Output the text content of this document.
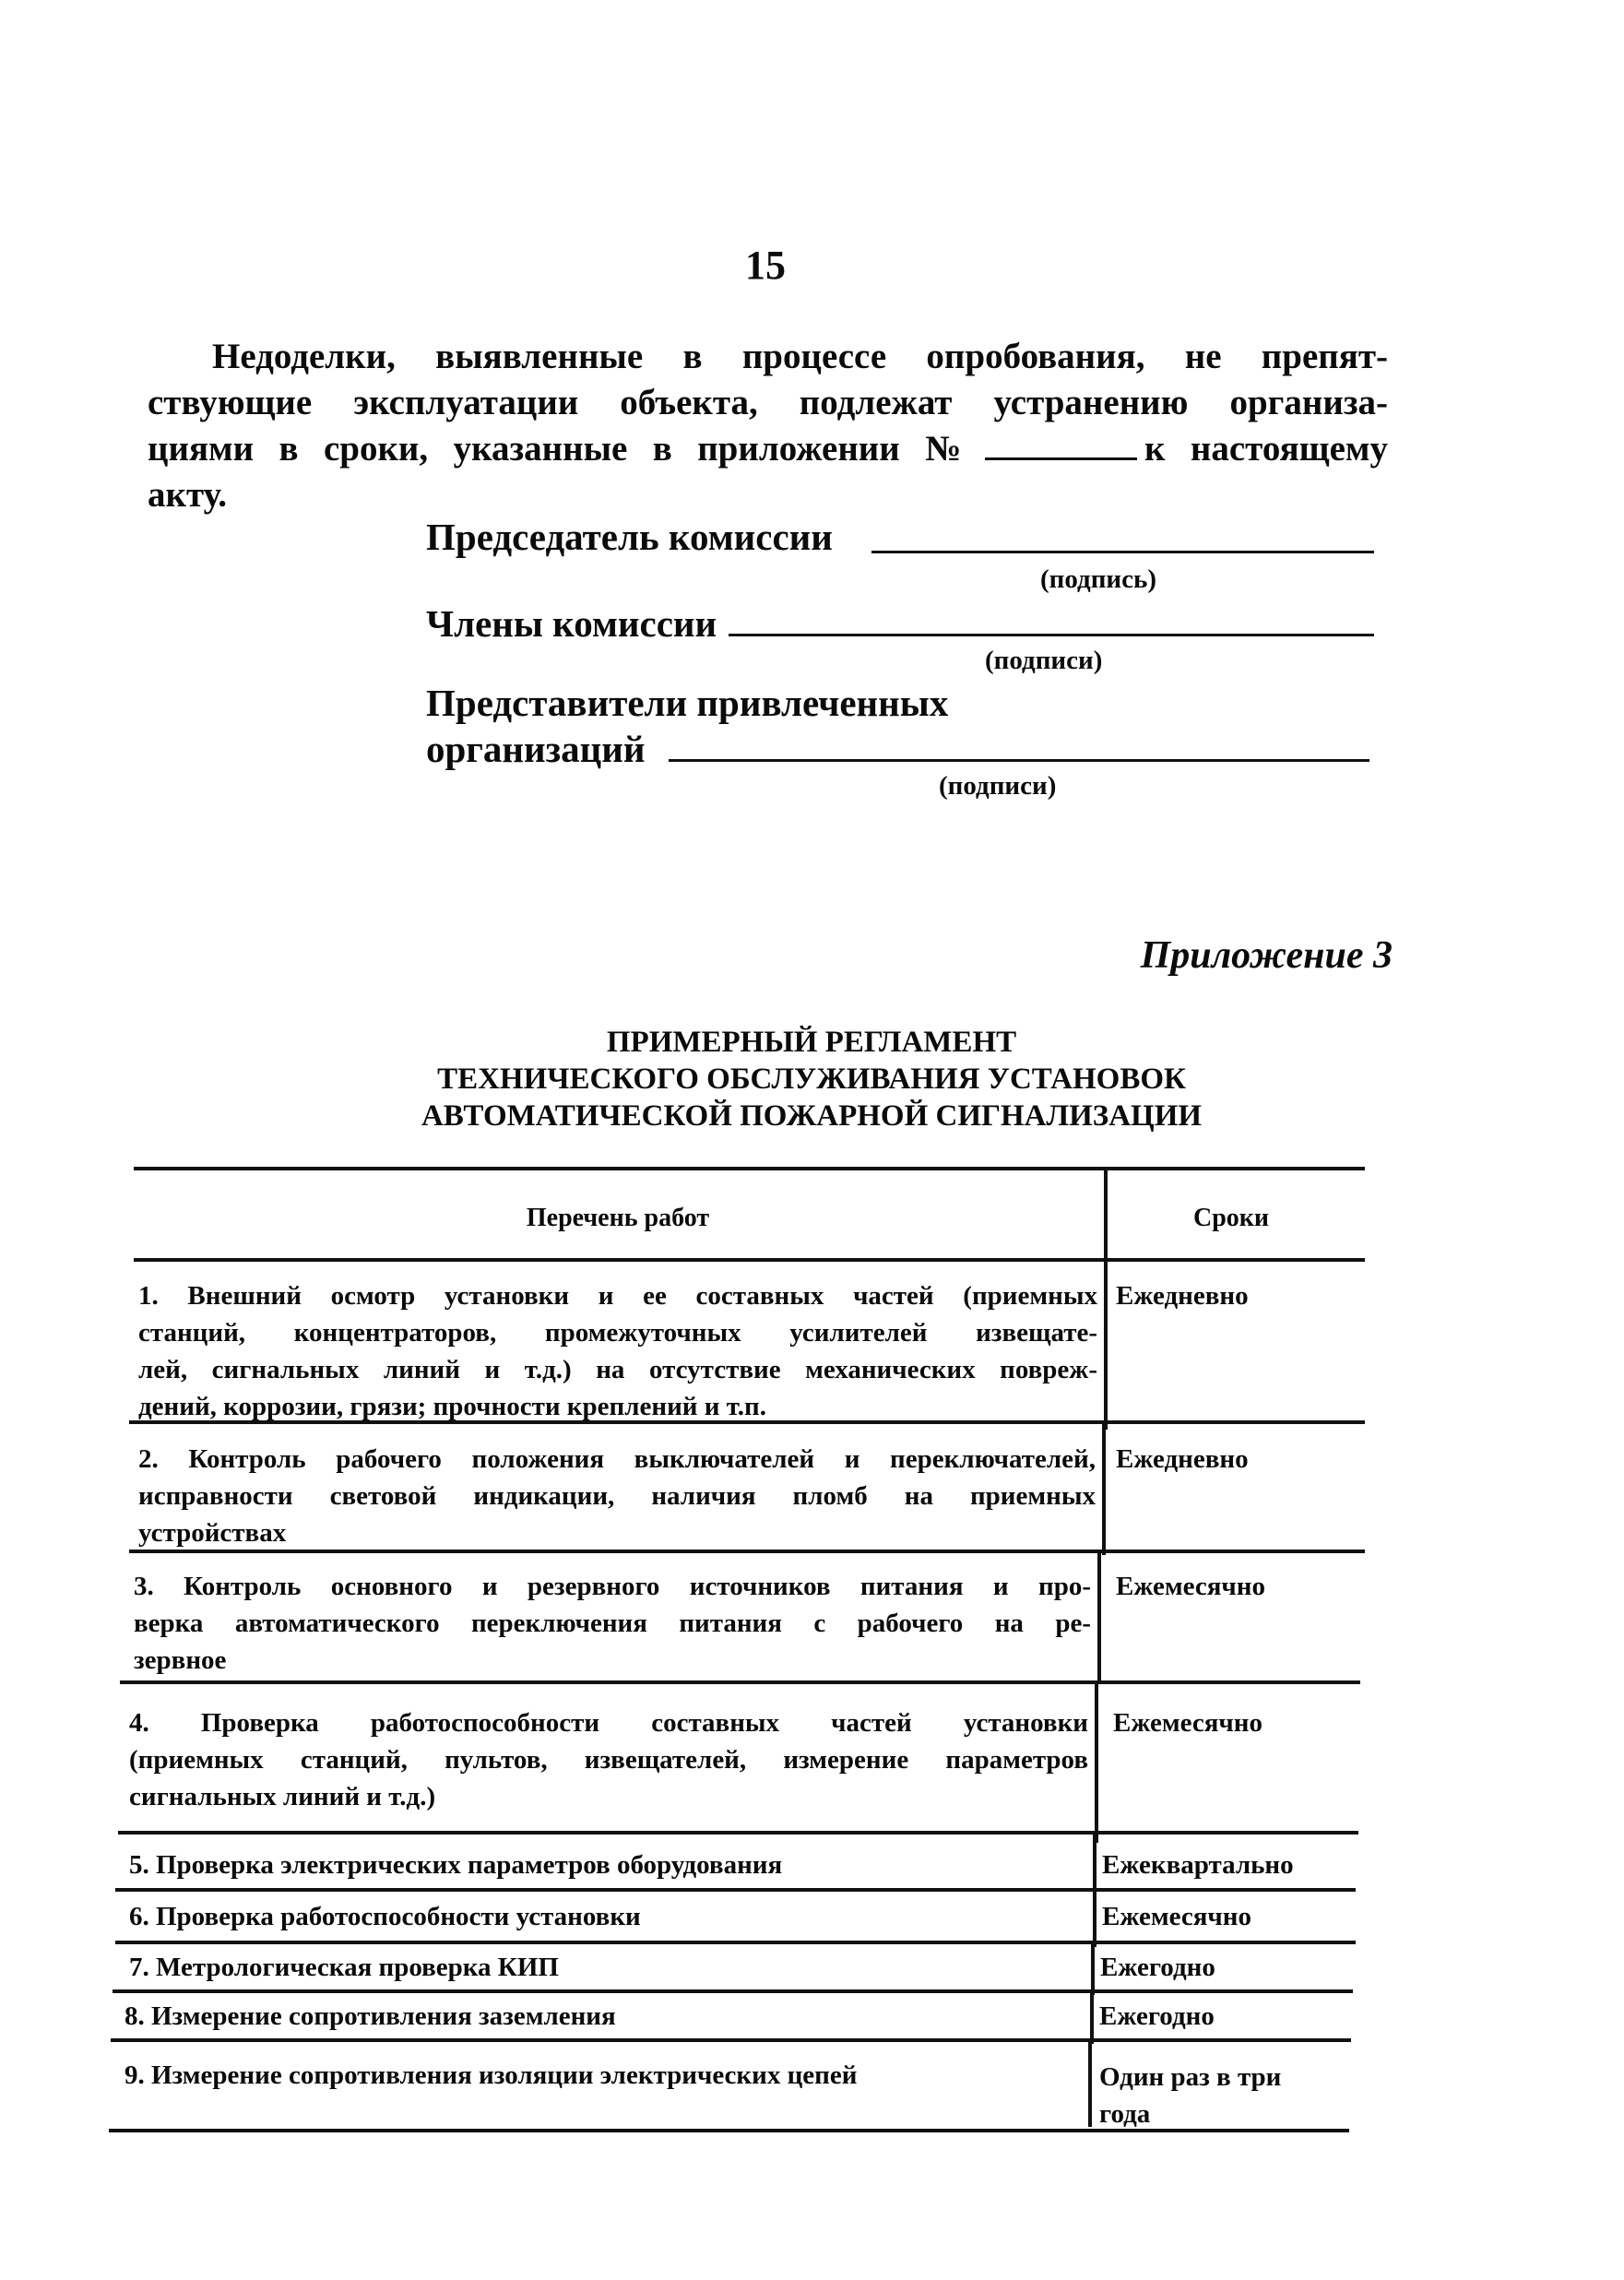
15
Недоделки, выявленные в процессе опробования, не препят-
ствующие эксплуатации объекта, подлежат устранению организа-
циями в сроки, указанные в приложении №	к настоящему
акту.
Председатель комиссии
(подпись)
Члены комиссии
(подписи)
Представители привлеченных
организаций
(подписи)
Приложение 3
ПРИМЕРНЫЙ РЕГЛАМЕНТ
ТЕХНИЧЕСКОГО ОБСЛУЖИВАНИЯ УСТАНОВОК
АВТОМАТИЧЕСКОЙ ПОЖАРНОЙ СИГНАЛИЗАЦИИ
Перечень работ	Сроки
1. Внешний осмотр установки и ее составных частей (приемных
станций, концентраторов, промежуточных усилителей извещате-
лей, сигнальных линий и т.д.) на отсутствие механических повреж-
дений, коррозии, грязи; прочности креплений и т.п.
Ежедневно
2. Контроль рабочего положения выключателей и переключателей,
исправности световой индикации, наличия пломб на приемных
устройствах
Ежедневно
3. Контроль основного и резервного источников питания и про-
верка автоматического переключения питания с рабочего на ре-
зервное
Ежемесячно
4. Проверка работоспособности составных частей установки
(приемных станций, пультов, извещателей, измерение параметров
сигнальных линий и т.д.)
Ежемесячно
5. Проверка электрических параметров оборудования	Ежеквартально
6. Проверка работоспособности установки	Ежемесячно
7. Метрологическая проверка КИП	Ежегодно
8. Измерение сопротивления заземления	Ежегодно
9. Измерение сопротивления изоляции электрических цепей	Один раз в три
года
